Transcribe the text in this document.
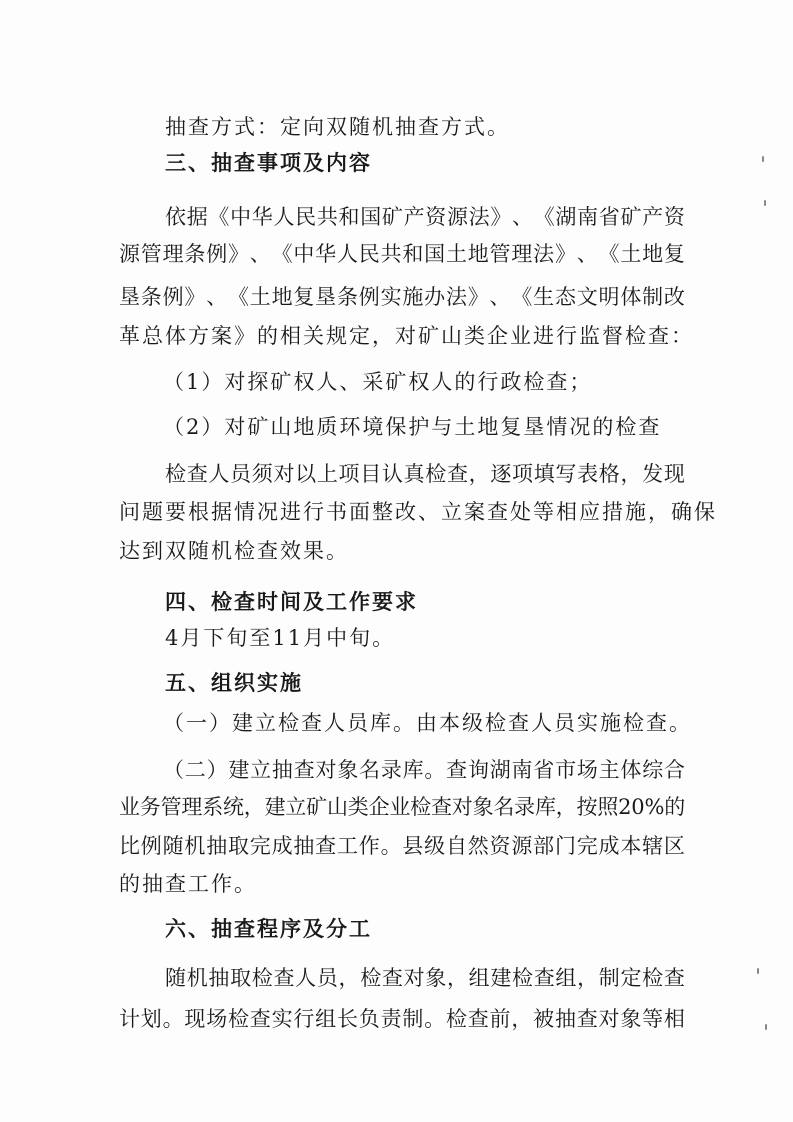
抽查方式：定向双随机抽查方式。
三、抽查事项及内容
依 据 《 中 华 人 民 共 和 国 矿 产 资 源 法 》 、 《 湖 南 省 矿 产 资
源 管 理 条 例 》 、 《 中 华 人 民 共 和 国 土 地 管 理 法 》 、 《 土 地 复
垦 条 例 》 、 《 土 地 复 垦 条 例 实 施 办 法 》 、 《 生 态 文 明 体 制 改
革总体方案》的相关规定，对矿山类企业进行监督检查：
（1）对探矿权人、采矿权人的行政检查；
（2）对矿山地质环境保护与土地复垦情况的检查
检 查 人 员 须 对 以 上 项 目 认 真 检 查 ， 逐 项 填 写 表 格 ， 发 现
问题要根据情况进行书面整改、立案查处等相应措施，确保
达到双随机检查效果。
四、检查时间及工作要求
4月下旬至11月中旬。
五、组织实施
（一）建立检查人员库。由本级检查人员实施检查。
（ 二 ） 建 立 抽 查 对 象 名 录 库 。 查 询 湖 南 省 市 场 主 体 综 合
业 务 管 理 系 统 ， 建 立 矿 山 类 企 业 检 查 对 象 名 录 库 ， 按 照 2 0 % 的
比 例 随 机 抽 取 完 成 抽 查 工 作 。 县 级 自 然 资 源 部 门 完 成 本 辖 区
的抽查工作。
六、抽查程序及分工
随 机 抽 取 检 查 人 员 ， 检 查 对 象 ， 组 建 检 查 组 ， 制 定 检 查
计 划 。 现 场 检 查 实 行 组 长 负 责 制 。 检 查 前 ， 被 抽 查 对 象 等 相
